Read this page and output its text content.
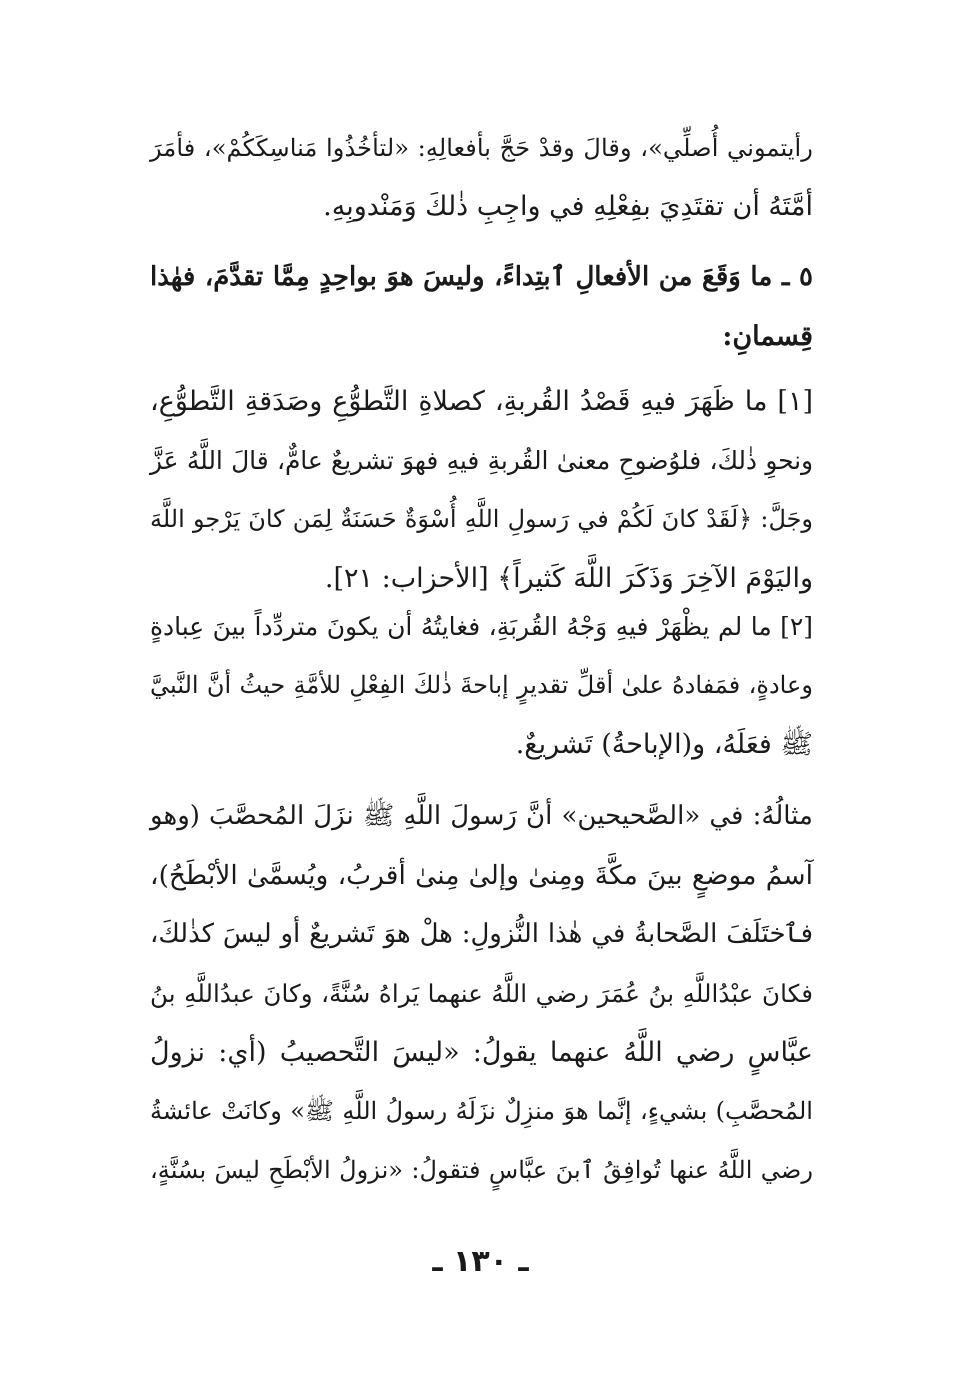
رأيتموني أُصلِّي»، وقالَ وقدْ حَجَّ بأفعالِهِ: «لتأخُذُوا مَناسِكَكُمْ»، فأمَرَ
أمَّتَهُ أن تقتَدِيَ بفِعْلِهِ في واجِبِ ذٰلكَ وَمَنْدوبِهِ.
٥ ـ ما وَقَعَ من الأفعالِ ٱبتِداءً، وليسَ هوَ بواحِدٍ مِمَّا تقدَّمَ، فهٰذا
قِسمانِ:
[١] ما ظَهَرَ فيهِ قَصْدُ القُربةِ، كصلاةِ التَّطوُّعِ وصَدَقةِ التَّطوُّعِ،
ونحوِ ذٰلكَ، فلوُضوحِ معنىٰ القُربةِ فيهِ فهوَ تشريعٌ عامٌّ، قالَ اللَّهُ عَزَّ
وجَلَّ: ﴿لَقَدْ كانَ لَكُمْ في رَسولِ اللَّهِ أُسْوَةٌ حَسَنَةٌ لِمَن كانَ يَرْجو اللَّهَ
واليَوْمَ الآخِرَ وَذَكَرَ اللَّهَ كَثيراً﴾ [الأحزاب: ٢١].
[٢] ما لم يظْهَرْ فيهِ وَجْهُ القُربَةِ، فغايتُهُ أن يكونَ متردِّداً بينَ عِبادةٍ
وعادةٍ، فمَفادهُ علىٰ أقلِّ تقديرٍ إباحةَ ذٰلكَ الفِعْلِ للأمَّةِ حيثُ أنَّ النَّبيَّ
ﷺ فعَلَهُ، و(الإباحةُ) تَشريعٌ.
مثالُهُ: في «الصَّحيحين» أنَّ رَسولَ اللَّهِ ﷺ نزَلَ المُحصَّبَ (وهو
آسمُ موضعٍ بينَ مكَّةَ ومِنىٰ وإلىٰ مِنىٰ أقربُ، ويُسمَّىٰ الأبْطَحُ)،
فٱختَلَفَ الصَّحابةُ في هٰذا النُّزولِ: هلْ هوَ تَشريعٌ أو ليسَ كذٰلكَ،
فكانَ عبْدُاللَّهِ بنُ عُمَرَ رضي اللَّهُ عنهما يَراهُ سُنَّةً، وكانَ عبدُاللَّهِ بنُ
عبَّاسٍ رضي اللَّهُ عنهما يقولُ: «ليسَ التَّحصيبُ (أي: نزولُ
المُحصَّبِ) بشيءٍ، إنَّما هوَ منزِلٌ نزَلَهُ رسولُ اللَّهِ ﷺ» وكانَتْ عائشةُ
رضي اللَّهُ عنها تُوافِقُ ٱبنَ عبَّاسٍ فتقولُ: «نزولُ الأبْطَحِ ليسَ بسُنَّةٍ،
ـ ١٣٠ ـ
